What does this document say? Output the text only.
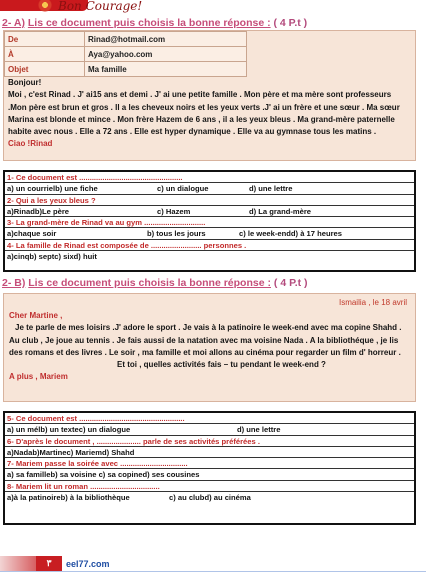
Bon Courage!
2- A) Lis ce document puis choisis la bonne réponse : ( 4 P.t )
De	Rinad@hotmail.com
À	Aya@yahoo.com
Objet	Ma famille
Bonjour!
Moi , c'est Rinad . J' ai15 ans et demi . J' ai une petite famille . Mon père et ma mère sont professeurs .Mon père est brun et gros . Il a les cheveux noirs et les yeux verts .J' ai un frère et une sœur . Ma sœur Marina est blonde et mince . Mon frère Hazem de 6 ans , il a les yeux bleus . Ma grand-mère paternelle habite avec nous . Elle a 72 ans . Elle est hyper dynamique . Elle va au gymnase tous les matins .
Ciao !Rinad
1- Ce document est .................................................
a) un courrielb) une fiche	c) un dialogue	d) une lettre
2- Qui a les yeux bleus ?
a)Rinadb)Le père	c) Hazem	d) La grand-mère
3- La grand-mère de Rinad va au gym .............................
a)chaque soir	b) tous les jours	c) le week-endd) à 17 heures
4- La famille de Rinad est composée de ........................ personnes .
a)cinqb) septc) sixd) huit
2- B) Lis ce document puis choisis la bonne réponse : ( 4 P.t )
Ismailia , le 18 avril
Cher Martine ,
Je te parle de mes loisirs .J' adore le sport . Je vais à la patinoire le week-end avec ma copine Shahd . Au club , Je joue au tennis . Je fais aussi de la natation avec ma voisine Nada . A la bibliothéque , je lis des romans et des livres . Le soir , ma famille et moi allons au cinéma pour regarder un film d' horreur .
Et toi , quelles activités fais – tu pendant le week-end ?
A plus , Mariem
5- Ce document est ..................................................
a) un mélb) un textec) un dialogue	d) une lettre
6- D'après le document , ..................... parle de ses activités préférées .
a)Nadab)Martinec) Mariemd) Shahd
7- Mariem passe la soirée avec ................................
a) sa familleb) sa voisine c) sa copined) ses cousines
8- Mariem lit un roman .................................
a)à la patinoireb) à la bibliothèque	c) au clubd) au cinéma
٣	eel77.com
